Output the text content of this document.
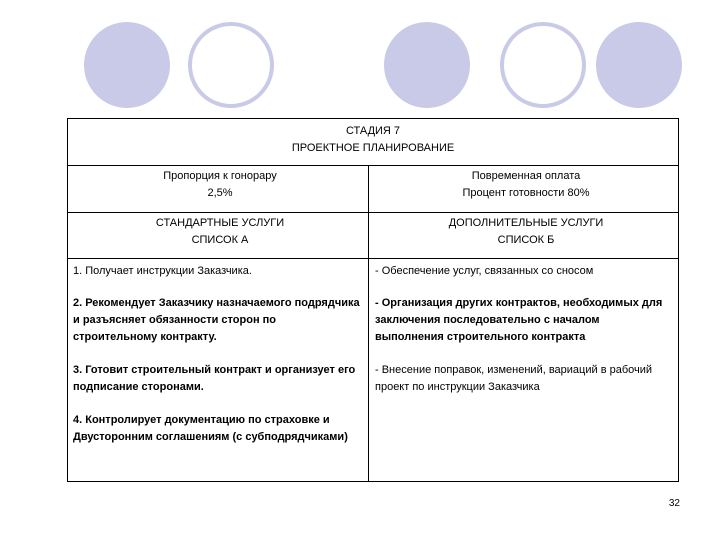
СТАДИЯ 7
ПРОЕКТНОЕ ПЛАНИРОВАНИЕ
Пропорция к гонорару
2,5%
Повременная оплата
Процент готовности 80%
СТАНДАРТНЫЕ УСЛУГИ
СПИСОК А
ДОПОЛНИТЕЛЬНЫЕ УСЛУГИ
СПИСОК Б
1. Получает инструкции Заказчика.
2. Рекомендует Заказчику назначаемого подрядчика и разъясняет обязанности сторон по строительному контракту.
3. Готовит строительный контракт и организует его подписание сторонами.
4. Контролирует документацию по страховке и Двусторонним соглашениям (с субподрядчиками)
- Обеспечение услуг, связанных со сносом
- Организация других контрактов, необходимых для заключения последовательно с началом выполнения строительного контракта
- Внесение поправок, изменений, вариаций в рабочий проект по инструкции Заказчика
32
